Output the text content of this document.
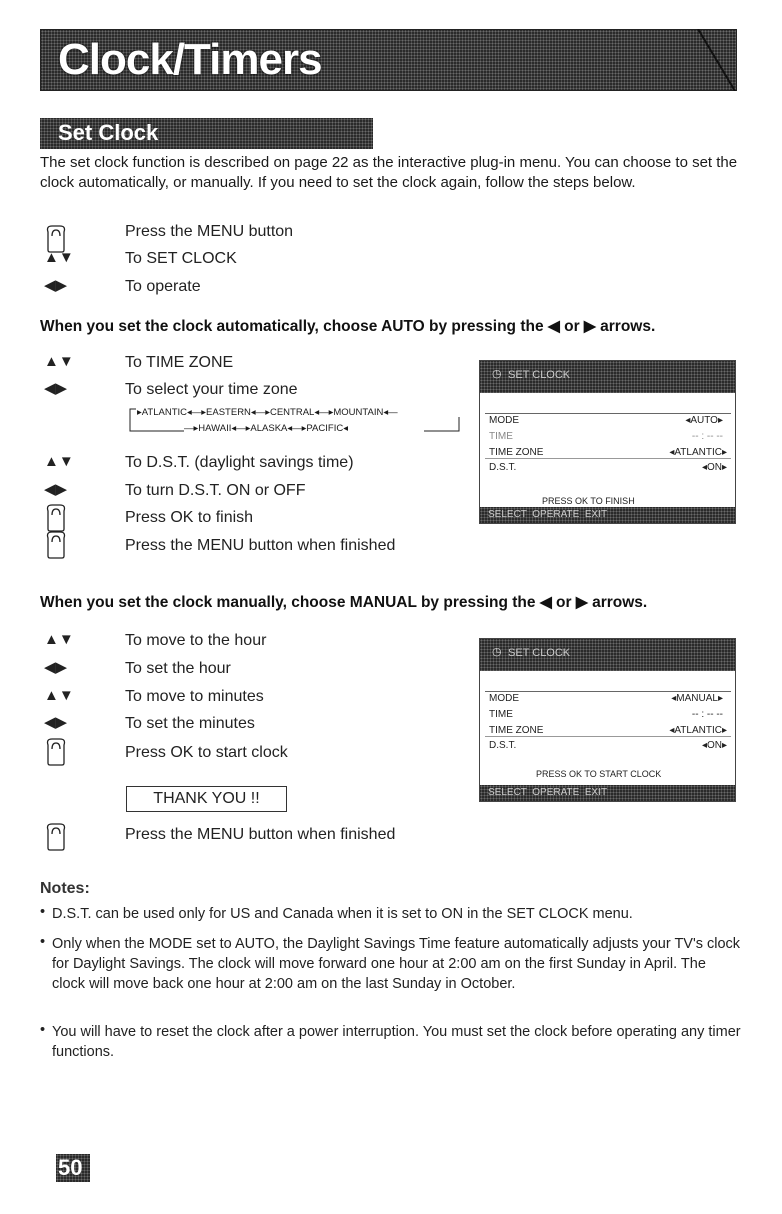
Clock/Timers
Set Clock
The set clock function is described on page 22 as the interactive plug-in menu. You can choose to set the clock automatically, or manually. If you need to set the clock again, follow the steps below.
Press the MENU button
▲▼	To SET CLOCK
◀▶	To operate
When you set the clock automatically, choose AUTO by pressing the ◀ or ▶ arrows.
▲▼	To TIME ZONE
◀▶	To select your time zone
▸ATLANTIC◂—▸EASTERN◂—▸CENTRAL◂—▸MOUNTAIN◂—
—▸HAWAII◂—▸ALASKA◂—▸PACIFIC◂
▲▼	To D.S.T. (daylight savings time)
◀▶	To turn D.S.T. ON or OFF
Press OK to finish
Press the MENU button when finished
◷ SET CLOCK
MODE	◂AUTO▸
TIME	-- : -- --
TIME ZONE	◂ATLANTIC▸
D.S.T.	◂ON▸
PRESS OK TO FINISH
SELECT  OPERATE  EXIT
When you set the clock manually, choose MANUAL by pressing the ◀ or ▶ arrows.
▲▼	To move to the hour
◀▶	To set the hour
▲▼	To move to minutes
◀▶	To set the minutes
Press OK to start clock
THANK YOU !!
Press the MENU button when finished
◷ SET CLOCK
MODE	◂MANUAL▸
TIME	-- : -- --
TIME ZONE	◂ATLANTIC▸
D.S.T.	◂ON▸
PRESS OK TO START CLOCK
SELECT  OPERATE  EXIT
Notes:
• D.S.T. can be used only for US and Canada when it is set to ON in the SET CLOCK menu.
• Only when the MODE set to AUTO, the Daylight Savings Time feature automatically adjusts your TV's clock for Daylight Savings. The clock will move forward one hour at 2:00 am on the first Sunday in April. The clock will move back one hour at 2:00 am on the last Sunday in October.
• You will have to reset the clock after a power interruption. You must set the clock before operating any timer functions.
50
